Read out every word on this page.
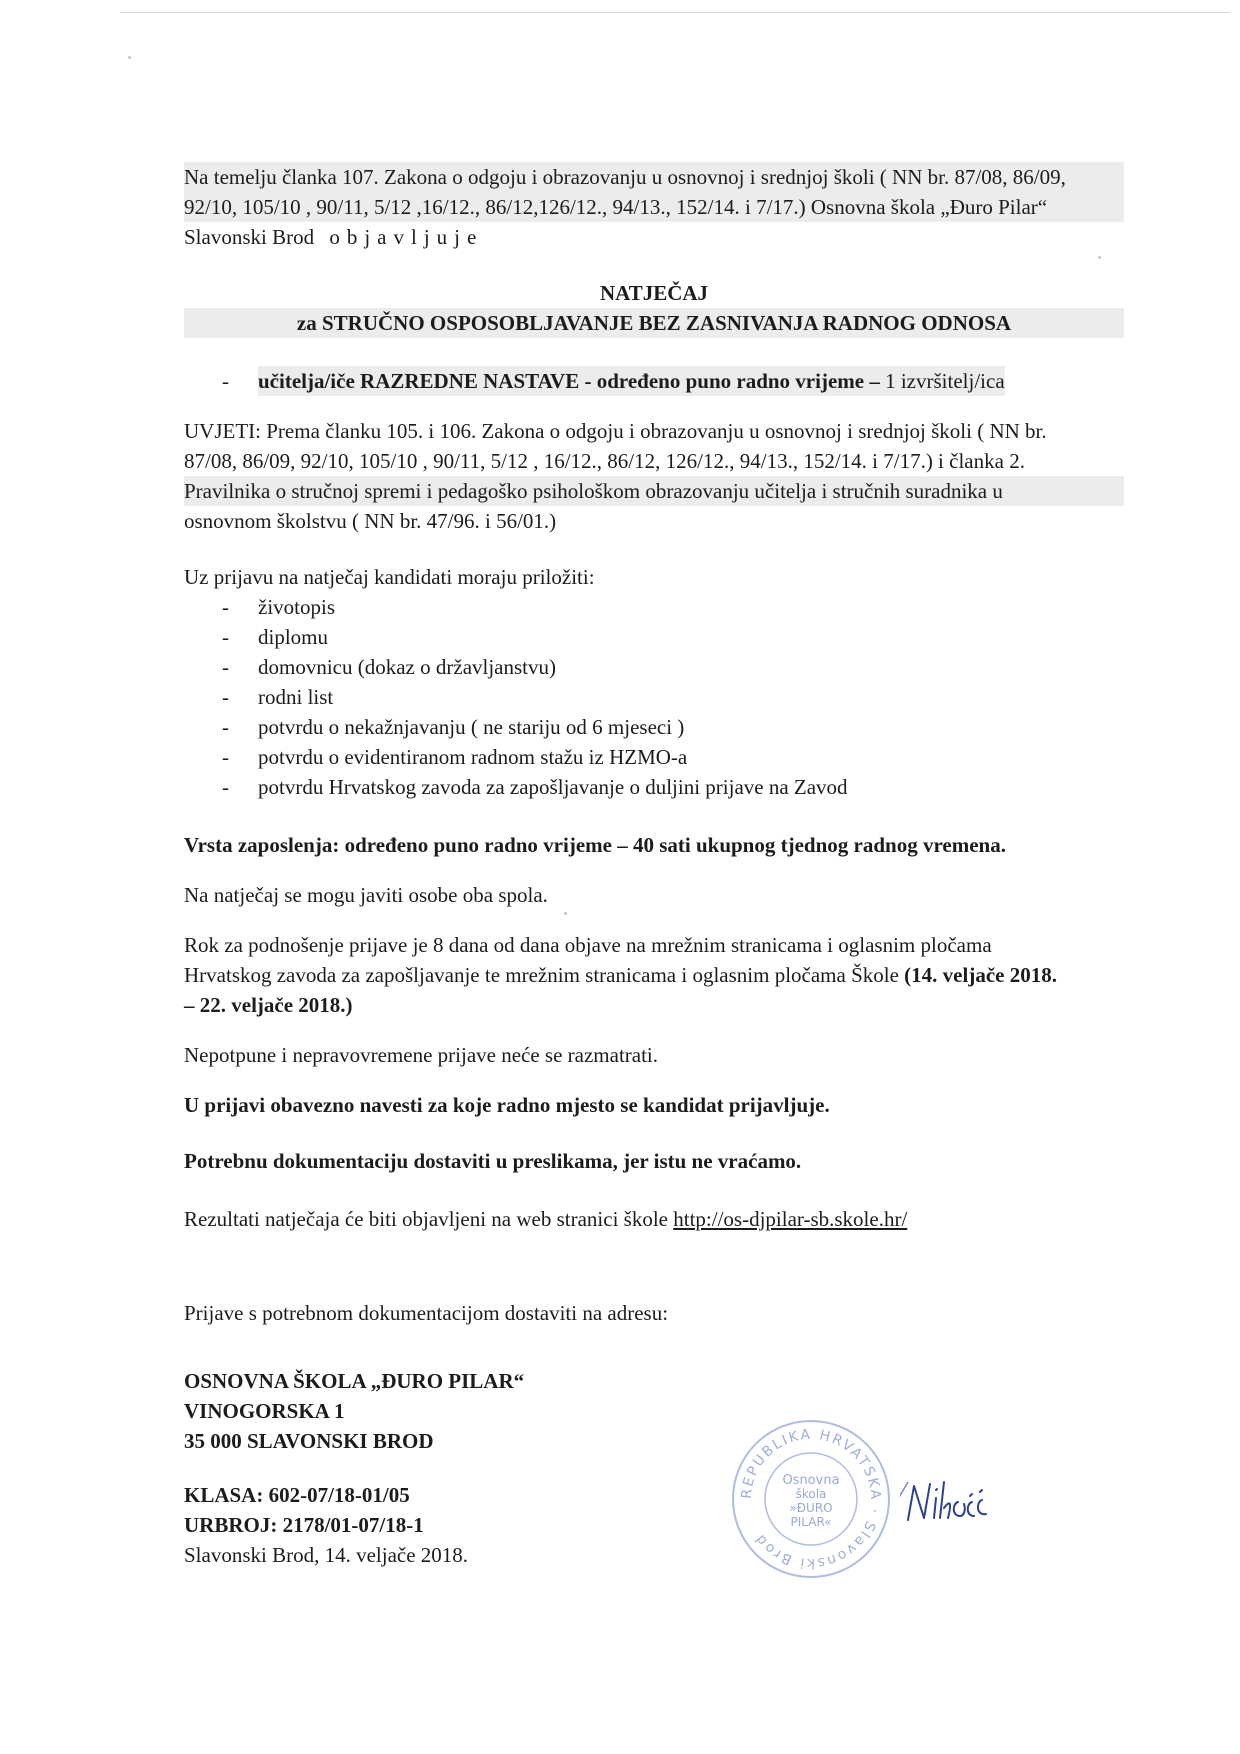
Na temelju članka 107. Zakona o odgoju i obrazovanju u osnovnoj i srednjoj školi ( NN br. 87/08, 86/09,
92/10, 105/10 , 90/11, 5/12 ,16/12., 86/12,126/12., 94/13., 152/14. i 7/17.) Osnovna škola „Đuro Pilar“
Slavonski Brod objavljuje
NATJEČAJ
za STRUČNO OSPOSOBLJAVANJE BEZ ZASNIVANJA RADNOG ODNOSA
- učitelja/iče RAZREDNE NASTAVE - određeno puno radno vrijeme – 1 izvršitelj/ica
UVJETI: Prema članku 105. i 106. Zakona o odgoju i obrazovanju u osnovnoj i srednjoj školi ( NN br.
87/08, 86/09, 92/10, 105/10 , 90/11, 5/12 , 16/12., 86/12, 126/12., 94/13., 152/14. i 7/17.) i članka 2.
Pravilnika o stručnoj spremi i pedagoško psihološkom obrazovanju učitelja i stručnih suradnika u
osnovnom školstvu ( NN br. 47/96. i 56/01.)
Uz prijavu na natječaj kandidati moraju priložiti:
- životopis
- diplomu
- domovnicu (dokaz o državljanstvu)
- rodni list
- potvrdu o nekažnjavanju ( ne stariju od 6 mjeseci )
- potvrdu o evidentiranom radnom stažu iz HZMO-a
- potvrdu Hrvatskog zavoda za zapošljavanje o duljini prijave na Zavod
Vrsta zaposlenja: određeno puno radno vrijeme – 40 sati ukupnog tjednog radnog vremena.
Na natječaj se mogu javiti osobe oba spola.
Rok za podnošenje prijave je 8 dana od dana objave na mrežnim stranicama i oglasnim pločama
Hrvatskog zavoda za zapošljavanje te mrežnim stranicama i oglasnim pločama Škole (14. veljače 2018.
– 22. veljače 2018.)
Nepotpune i nepravovremene prijave neće se razmatrati.
U prijavi obavezno navesti za koje radno mjesto se kandidat prijavljuje.
Potrebnu dokumentaciju dostaviti u preslikama, jer istu ne vraćamo.
Rezultati natječaja će biti objavljeni na web stranici škole http://os-djpilar-sb.skole.hr/
Prijave s potrebnom dokumentacijom dostaviti na adresu:
OSNOVNA ŠKOLA „ĐURO PILAR“
VINOGORSKA 1
35 000 SLAVONSKI BROD
KLASA: 602-07/18-01/05
URBROJ: 2178/01-07/18-1
Slavonski Brod, 14. veljače 2018.
REPUBLIKA HRVATSKA · Slavonski Brod
Osnovna
škola
»ĐURO
PILAR«
